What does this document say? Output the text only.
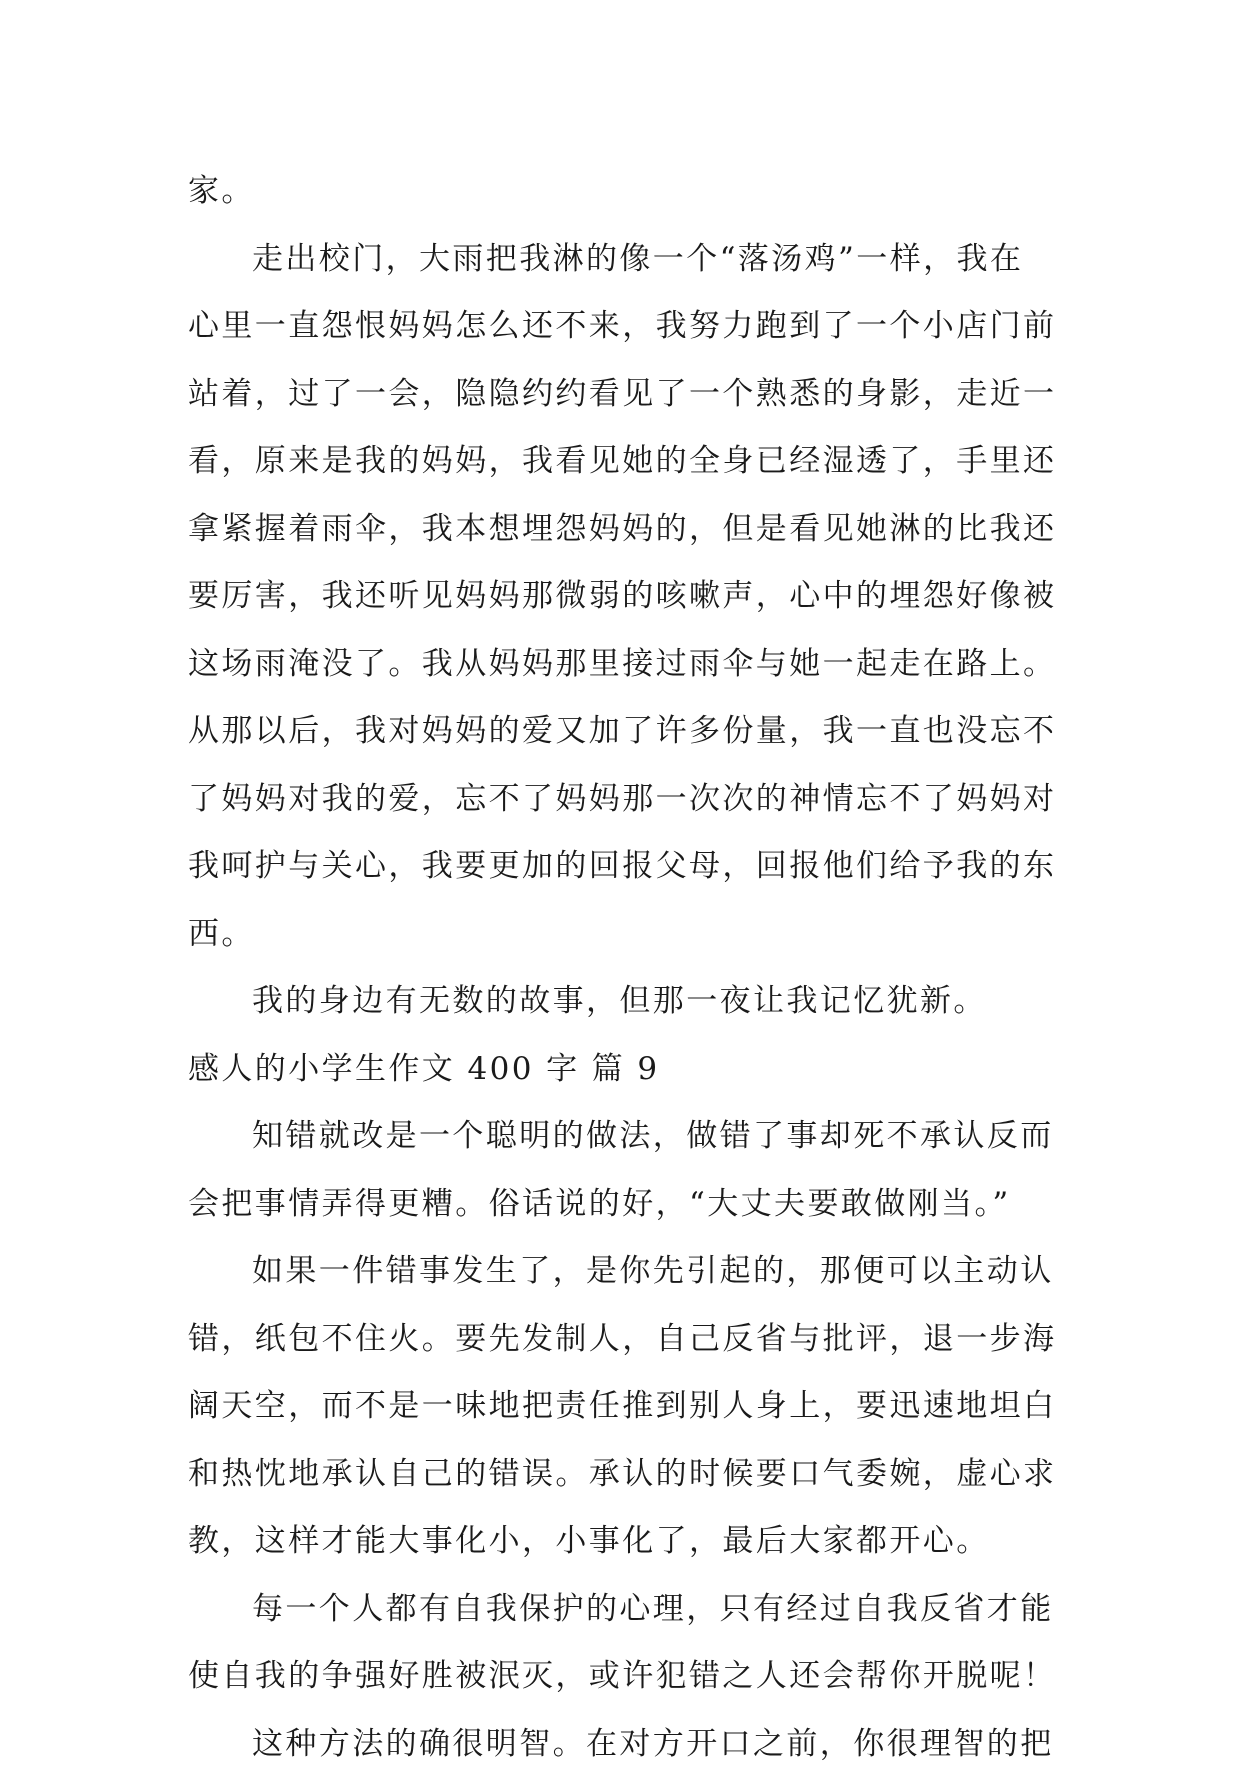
家。
走出校门，大雨把我淋的像一个“落汤鸡”一样，我在
心里一直怨恨妈妈怎么还不来，我努力跑到了一个小店门前
站着，过了一会，隐隐约约看见了一个熟悉的身影，走近一
看，原来是我的妈妈，我看见她的全身已经湿透了，手里还
拿紧握着雨伞，我本想埋怨妈妈的，但是看见她淋的比我还
要厉害，我还听见妈妈那微弱的咳嗽声，心中的埋怨好像被
这场雨淹没了。我从妈妈那里接过雨伞与她一起走在路上。
从那以后，我对妈妈的爱又加了许多份量，我一直也没忘不
了妈妈对我的爱，忘不了妈妈那一次次的神情忘不了妈妈对
我呵护与关心，我要更加的回报父母，回报他们给予我的东
西。
我的身边有无数的故事，但那一夜让我记忆犹新。
感人的小学生作文 400 字 篇 9
知错就改是一个聪明的做法，做错了事却死不承认反而
会把事情弄得更糟。俗话说的好，“大丈夫要敢做刚当。”
如果一件错事发生了，是你先引起的，那便可以主动认
错，纸包不住火。要先发制人，自己反省与批评，退一步海
阔天空，而不是一味地把责任推到别人身上，要迅速地坦白
和热忱地承认自己的错误。承认的时候要口气委婉，虚心求
教，这样才能大事化小，小事化了，最后大家都开心。
每一个人都有自我保护的心理，只有经过自我反省才能
使自我的争强好胜被泯灭，或许犯错之人还会帮你开脱呢！
这种方法的确很明智。在对方开口之前，你很理智的把
